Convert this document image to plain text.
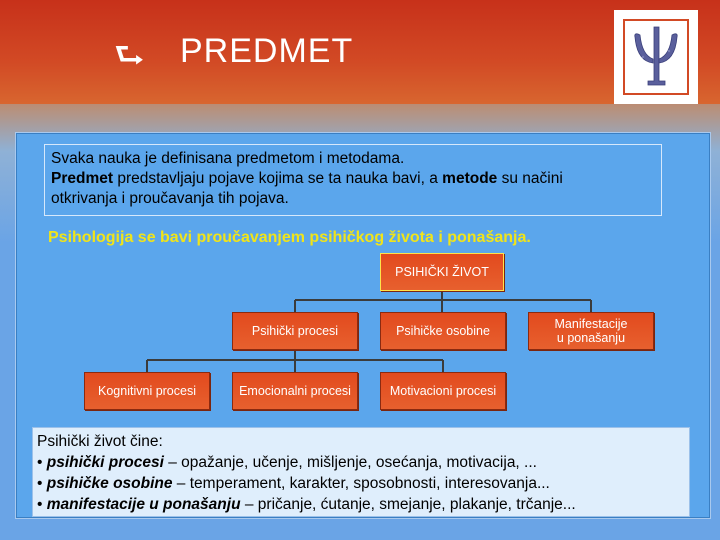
⮑ PREDMET
Svaka nauka je definisana predmetom i metodama.
Predmet predstavljaju pojave kojima se ta nauka bavi, a metode su načini
otkrivanja i proučavanja tih pojava.
Psihologija se bavi proučavanjem psihičkog života i ponašanja.
PSIHIČKI ŽIVOT
Psihički procesi	Psihičke osobine	Manifestacije
u ponašanju
Kognitivni procesi	Emocionalni procesi	Motivacioni procesi
Psihički život čine:
• psihički procesi – opažanje, učenje, mišljenje, osećanja, motivacija, ...
• psihičke osobine – temperament, karakter, sposobnosti, interesovanja...
• manifestacije u ponašanju – pričanje, ćutanje, smejanje, plakanje, trčanje...
